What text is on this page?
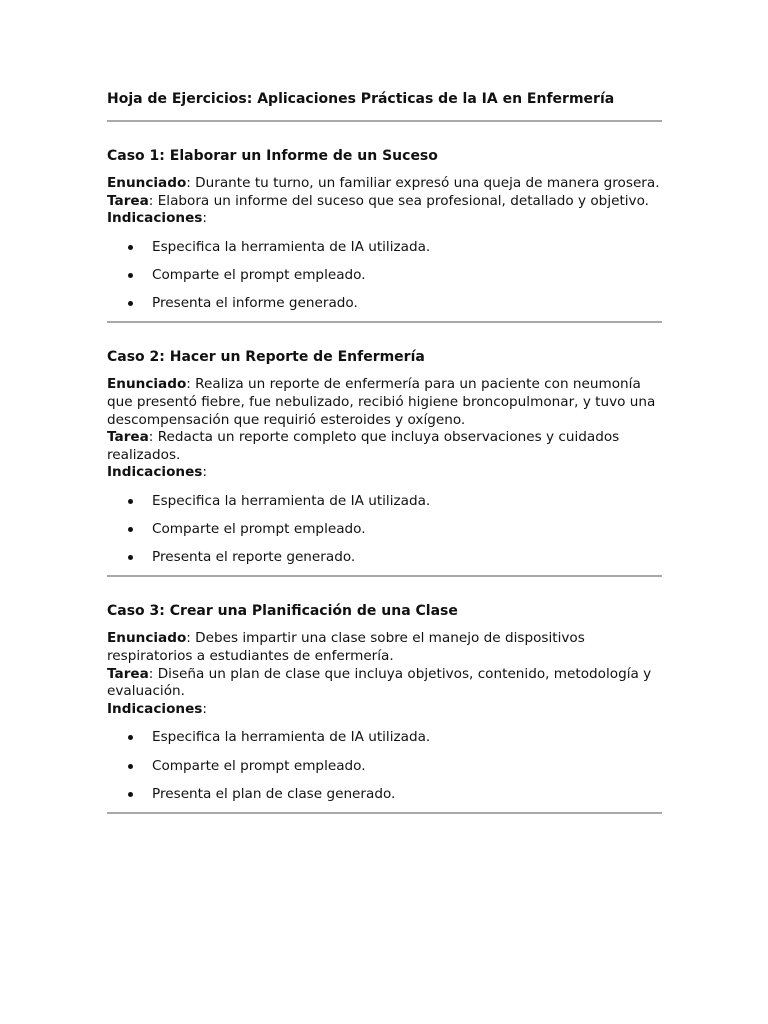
Hoja de Ejercicios: Aplicaciones Prácticas de la IA en Enfermería
Caso 1: Elaborar un Informe de un Suceso

Enunciado: Durante tu turno, un familiar expresó una queja de manera grosera.

Tarea: Elabora un informe del suceso que sea profesional, detallado y objetivo.

Indicaciones:

Especifica la herramienta de IA utilizada.
Comparte el prompt empleado.
Presenta el informe generado.
Caso 2: Hacer un Reporte de Enfermería

Enunciado: Realiza un reporte de enfermería para un paciente con neumonía que presentó fiebre, fue nebulizado, recibió higiene broncopulmonar, y tuvo una descompensación que requirió esteroides y oxígeno.

Tarea: Redacta un reporte completo que incluya observaciones y cuidados realizados.

Indicaciones:

Especifica la herramienta de IA utilizada.
Comparte el prompt empleado.
Presenta el reporte generado.
Caso 3: Crear una Planificación de una Clase

Enunciado: Debes impartir una clase sobre el manejo de dispositivos respiratorios a estudiantes de enfermería.

Tarea: Diseña un plan de clase que incluya objetivos, contenido, metodología y evaluación.

Indicaciones:

Especifica la herramienta de IA utilizada.
Comparte el prompt empleado.
Presenta el plan de clase generado.
